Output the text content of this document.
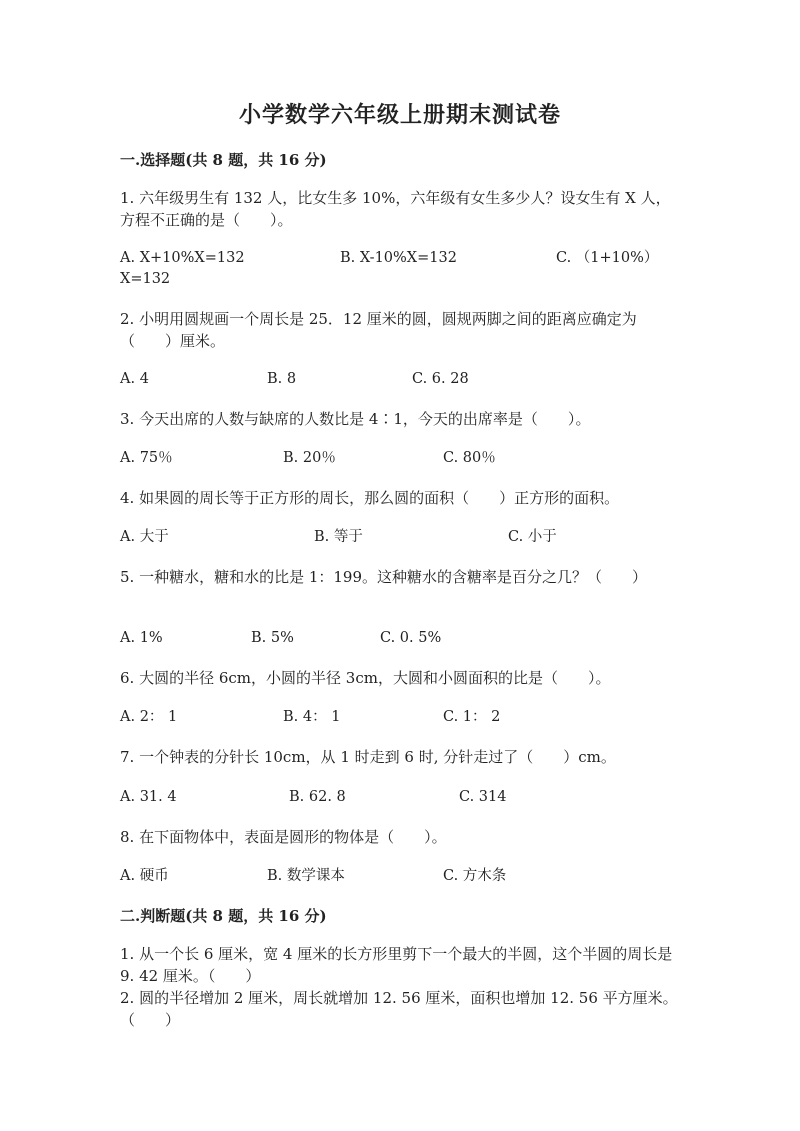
小学数学六年级上册期末测试卷
一.选择题(共 8 题，共 16 分)
1. 六年级男生有 132 人，比女生多 10%，六年级有女生多少人？设女生有 X 人，方程不正确的是（　　）。
A. X+10%X=132	B. X-10%X=132	C. （1+10%）
X=132
2. 小明用圆规画一个周长是 25．12 厘米的圆，圆规两脚之间的距离应确定为（　　）厘米。
A. 4	B. 8	C. 6. 28
3. 今天出席的人数与缺席的人数比是 4∶1，今天的出席率是（　　）。
A. 75％	B. 20％	C. 80％
4. 如果圆的周长等于正方形的周长，那么圆的面积（　　）正方形的面积。
A. 大于	B. 等于	C. 小于
5. 一种糖水，糖和水的比是 1：199。这种糖水的含糖率是百分之几？（　　）
A. 1%	B. 5%	C. 0. 5%
6. 大圆的半径 6cm，小圆的半径 3cm，大圆和小圆面积的比是（　　）。
A. 2： 1	B. 4： 1	C. 1： 2
7. 一个钟表的分针长 10cm，从 1 时走到 6 时, 分针走过了（　　）cm。
A. 31. 4	B. 62. 8	C. 314
8. 在下面物体中，表面是圆形的物体是（　　）。
A. 硬币	B. 数学课本	C. 方木条
二.判断题(共 8 题，共 16 分)
1. 从一个长 6 厘米，宽 4 厘米的长方形里剪下一个最大的半圆，这个半圆的周长是 9. 42 厘米。（　　）
2. 圆的半径增加 2 厘米，周长就增加 12. 56 厘米，面积也增加 12. 56 平方厘米。（　　）
